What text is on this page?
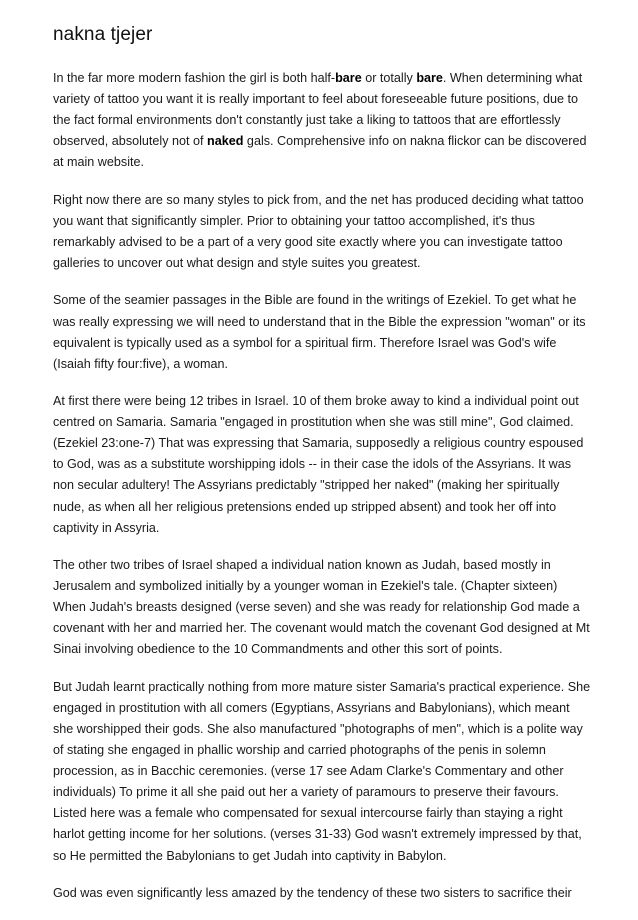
nakna tjejer

In the far more modern fashion the girl is both half-bare or totally bare. When determining what variety of tattoo you want it is really important to feel about foreseeable future positions, due to the fact formal environments don't constantly just take a liking to tattoos that are effortlessly observed, absolutely not of naked gals. Comprehensive info on nakna flickor can be discovered at main website.

Right now there are so many styles to pick from, and the net has produced deciding what tattoo you want that significantly simpler. Prior to obtaining your tattoo accomplished, it's thus remarkably advised to be a part of a very good site exactly where you can investigate tattoo galleries to uncover out what design and style suites you greatest.

Some of the seamier passages in the Bible are found in the writings of Ezekiel. To get what he was really expressing we will need to understand that in the Bible the expression "woman" or its equivalent is typically used as a symbol for a spiritual firm. Therefore Israel was God's wife (Isaiah fifty four:five), a woman.

At first there were being 12 tribes in Israel. 10 of them broke away to kind a individual point out centred on Samaria. Samaria "engaged in prostitution when she was still mine", God claimed. (Ezekiel 23:one-7) That was expressing that Samaria, supposedly a religious country espoused to God, was as a substitute worshipping idols -- in their case the idols of the Assyrians. It was non secular adultery! The Assyrians predictably "stripped her naked" (making her spiritually nude, as when all her religious pretensions ended up stripped absent) and took her off into captivity in Assyria.

The other two tribes of Israel shaped a individual nation known as Judah, based mostly in Jerusalem and symbolized initially by a younger woman in Ezekiel's tale. (Chapter sixteen) When Judah's breasts designed (verse seven) and she was ready for relationship God made a covenant with her and married her. The covenant would match the covenant God designed at Mt Sinai involving obedience to the 10 Commandments and other this sort of points.

But Judah learnt practically nothing from more mature sister Samaria's practical experience. She engaged in prostitution with all comers (Egyptians, Assyrians and Babylonians), which meant she worshipped their gods. She also manufactured "photographs of men", which is a polite way of stating she engaged in phallic worship and carried photographs of the penis in solemn procession, as in Bacchic ceremonies. (verse 17 see Adam Clarke's Commentary and other individuals) To prime it all she paid out her a variety of paramours to preserve their favours. Listed here was a female who compensated for sexual intercourse fairly than staying a right harlot getting income for her solutions. (verses 31-33) God wasn't extremely impressed by that, so He permitted the Babylonians to get Judah into captivity in Babylon.

God was even significantly less amazed by the tendency of these two sisters to sacrifice their
